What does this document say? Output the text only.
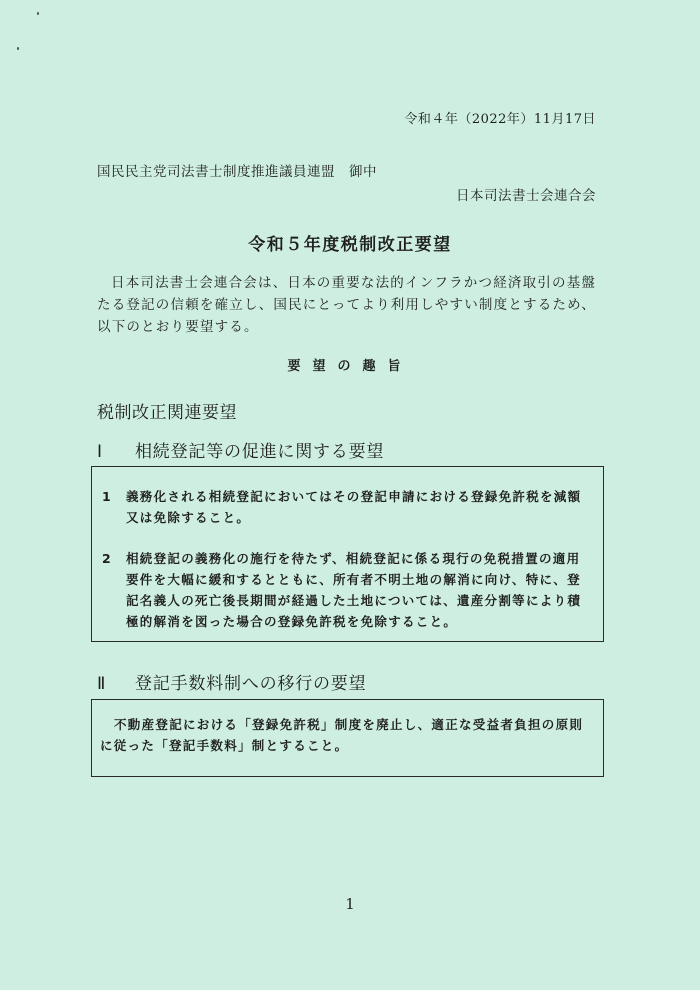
令和４年（2022年）11月17日
国民民主党司法書士制度推進議員連盟 御中
日本司法書士会連合会
令和５年度税制改正要望
日本司法書士会連合会は、日本の重要な法的インフラかつ経済取引の基盤たる登記の信頼を確立し、国民にとってより利用しやすい制度とするため、以下のとおり要望する。
要望の趣旨
税制改正関連要望
Ⅰ 相続登記等の促進に関する要望
1	義務化される相続登記においてはその登記申請における登録免許税を減額又は免除すること。
2	相続登記の義務化の施行を待たず、相続登記に係る現行の免税措置の適用要件を大幅に緩和するとともに、所有者不明土地の解消に向け、特に、登記名義人の死亡後長期間が経過した土地については、遺産分割等により積極的解消を図った場合の登録免許税を免除すること。
Ⅱ 登記手数料制への移行の要望

不動産登記における「登録免許税」制度を廃止し、適正な受益者負担の原則に従った「登記手数料」制とすること。

1
